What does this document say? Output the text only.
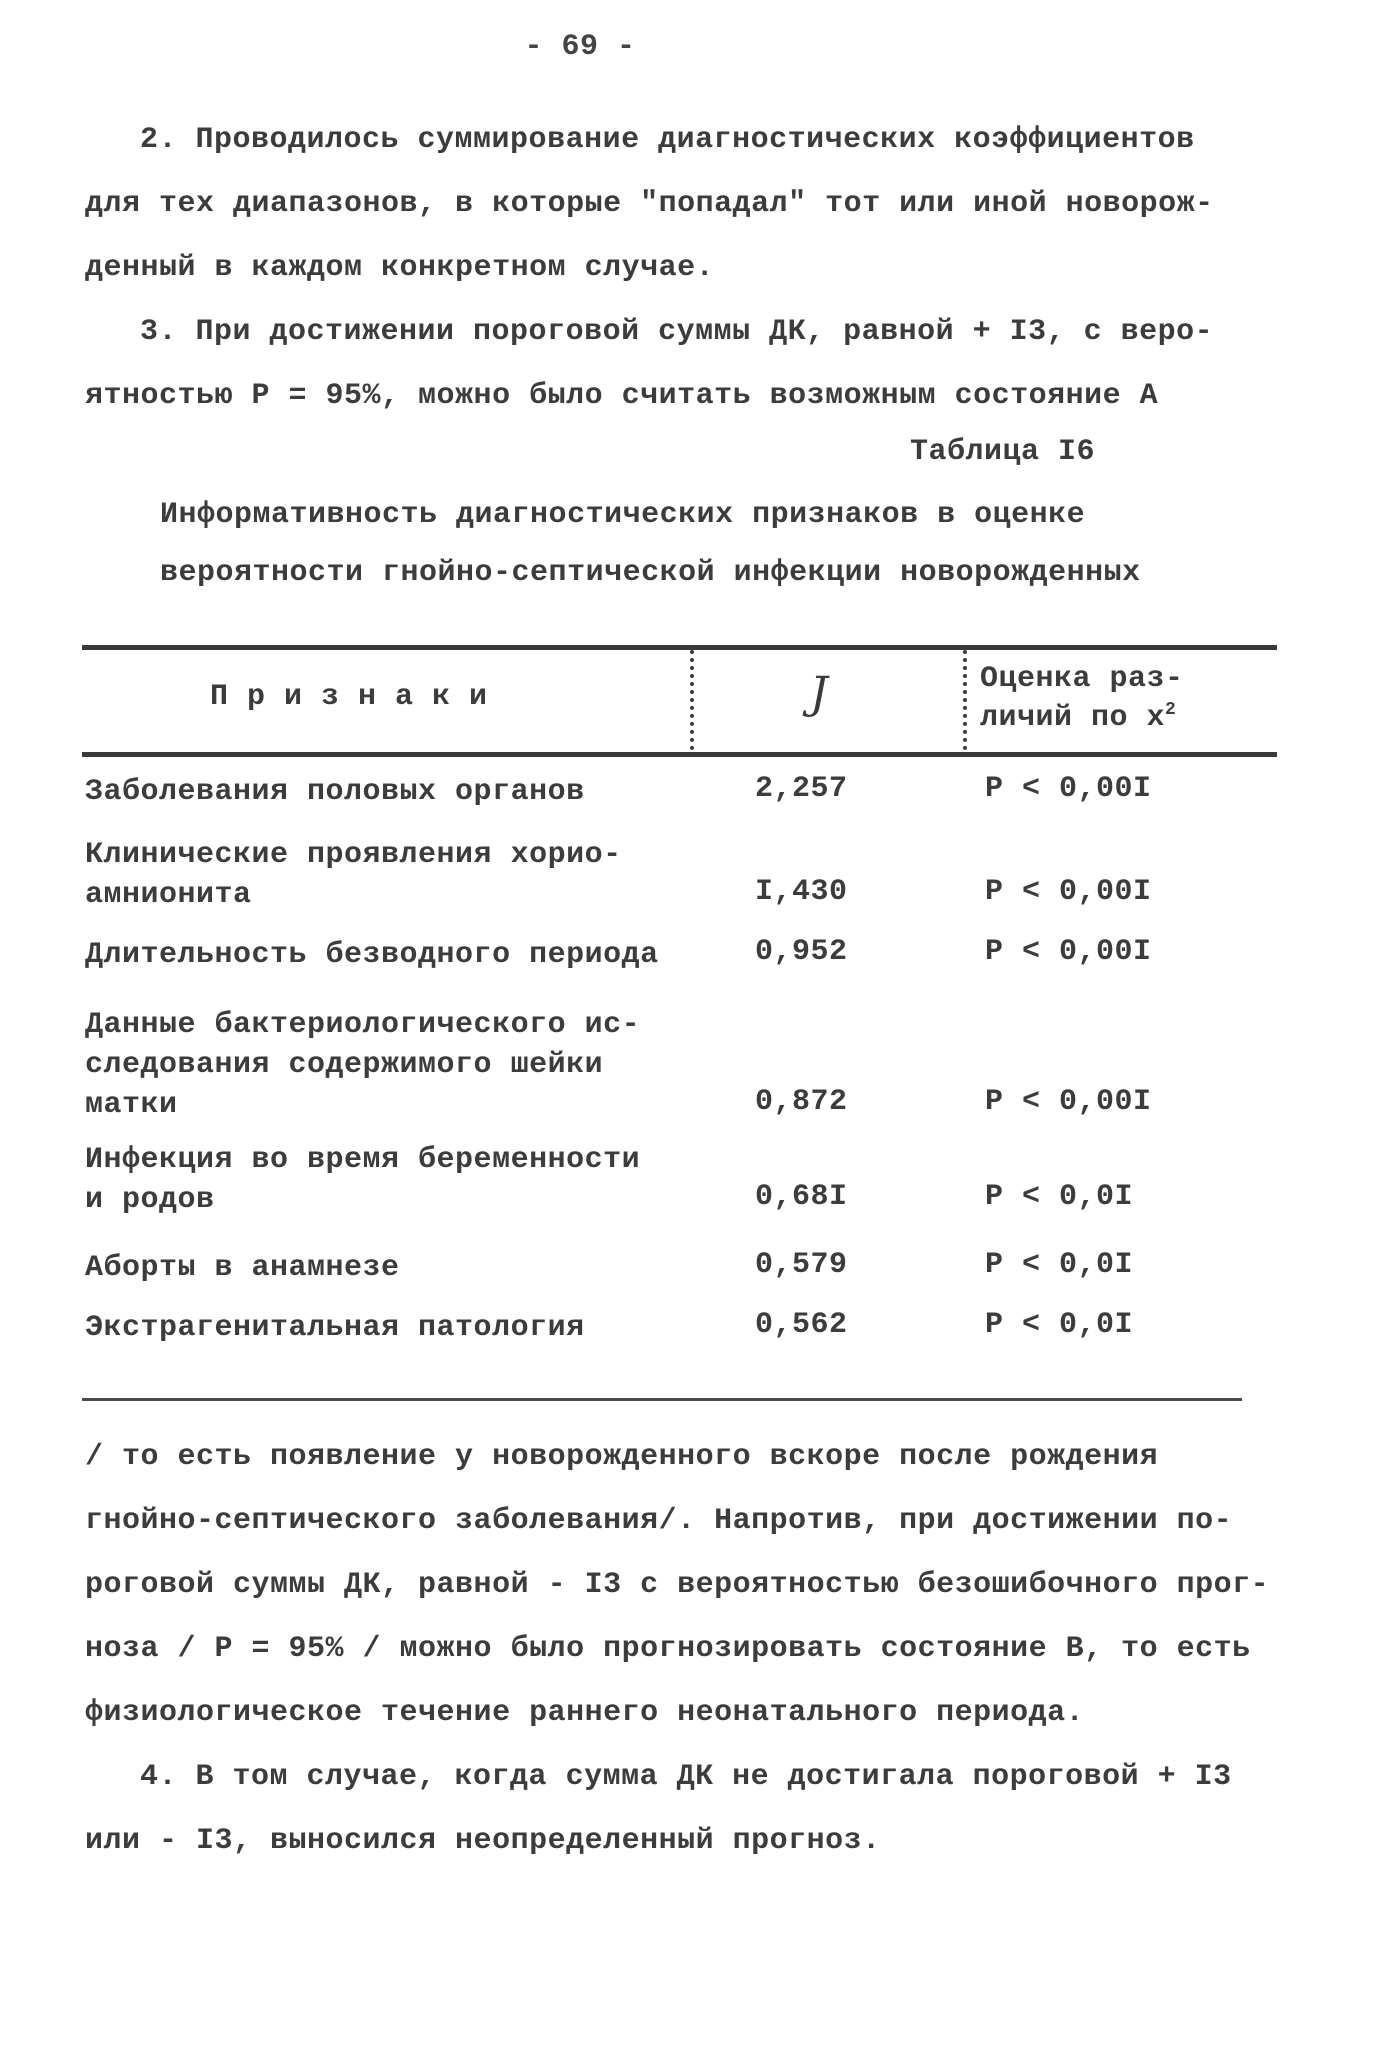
- 69 -
2. Проводилось суммирование диагностических коэффициентов
для тех диапазонов, в которые "попадал" тот или иной новорож-
денный в каждом конкретном случае.
3. При достижении пороговой суммы ДК, равной + I3, с веро-
ятностью P = 95%, можно было считать возможным состояние А
Таблица I6
Информативность диагностических признаков в оценке
вероятности гнойно-септической инфекции новорожденных
П р и з н а к и	J	Оценка раз-
личий по $x^2$
Заболевания половых органов	2,257	P < 0,00I
Клинические проявления хорио-
амнионита	I,430	P < 0,00I
Длительность безводного периода	0,952	P < 0,00I
Данные бактериологического ис-
следования содержимого шейки
матки	0,872	P < 0,00I
Инфекция во время беременности
и родов	0,68I	P < 0,0I
Аборты в анамнезе	0,579	P < 0,0I
Экстрагенитальная патология	0,562	P < 0,0I
/ то есть появление у новорожденного вскоре после рождения
гнойно-септического заболевания/. Напротив, при достижении по-
роговой суммы ДК, равной - I3 с вероятностью безошибочного прог-
ноза / P = 95% / можно было прогнозировать состояние В, то есть
физиологическое течение раннего неонатального периода.
4. В том случае, когда сумма ДК не достигала пороговой + I3
или - I3, выносился неопределенный прогноз.
